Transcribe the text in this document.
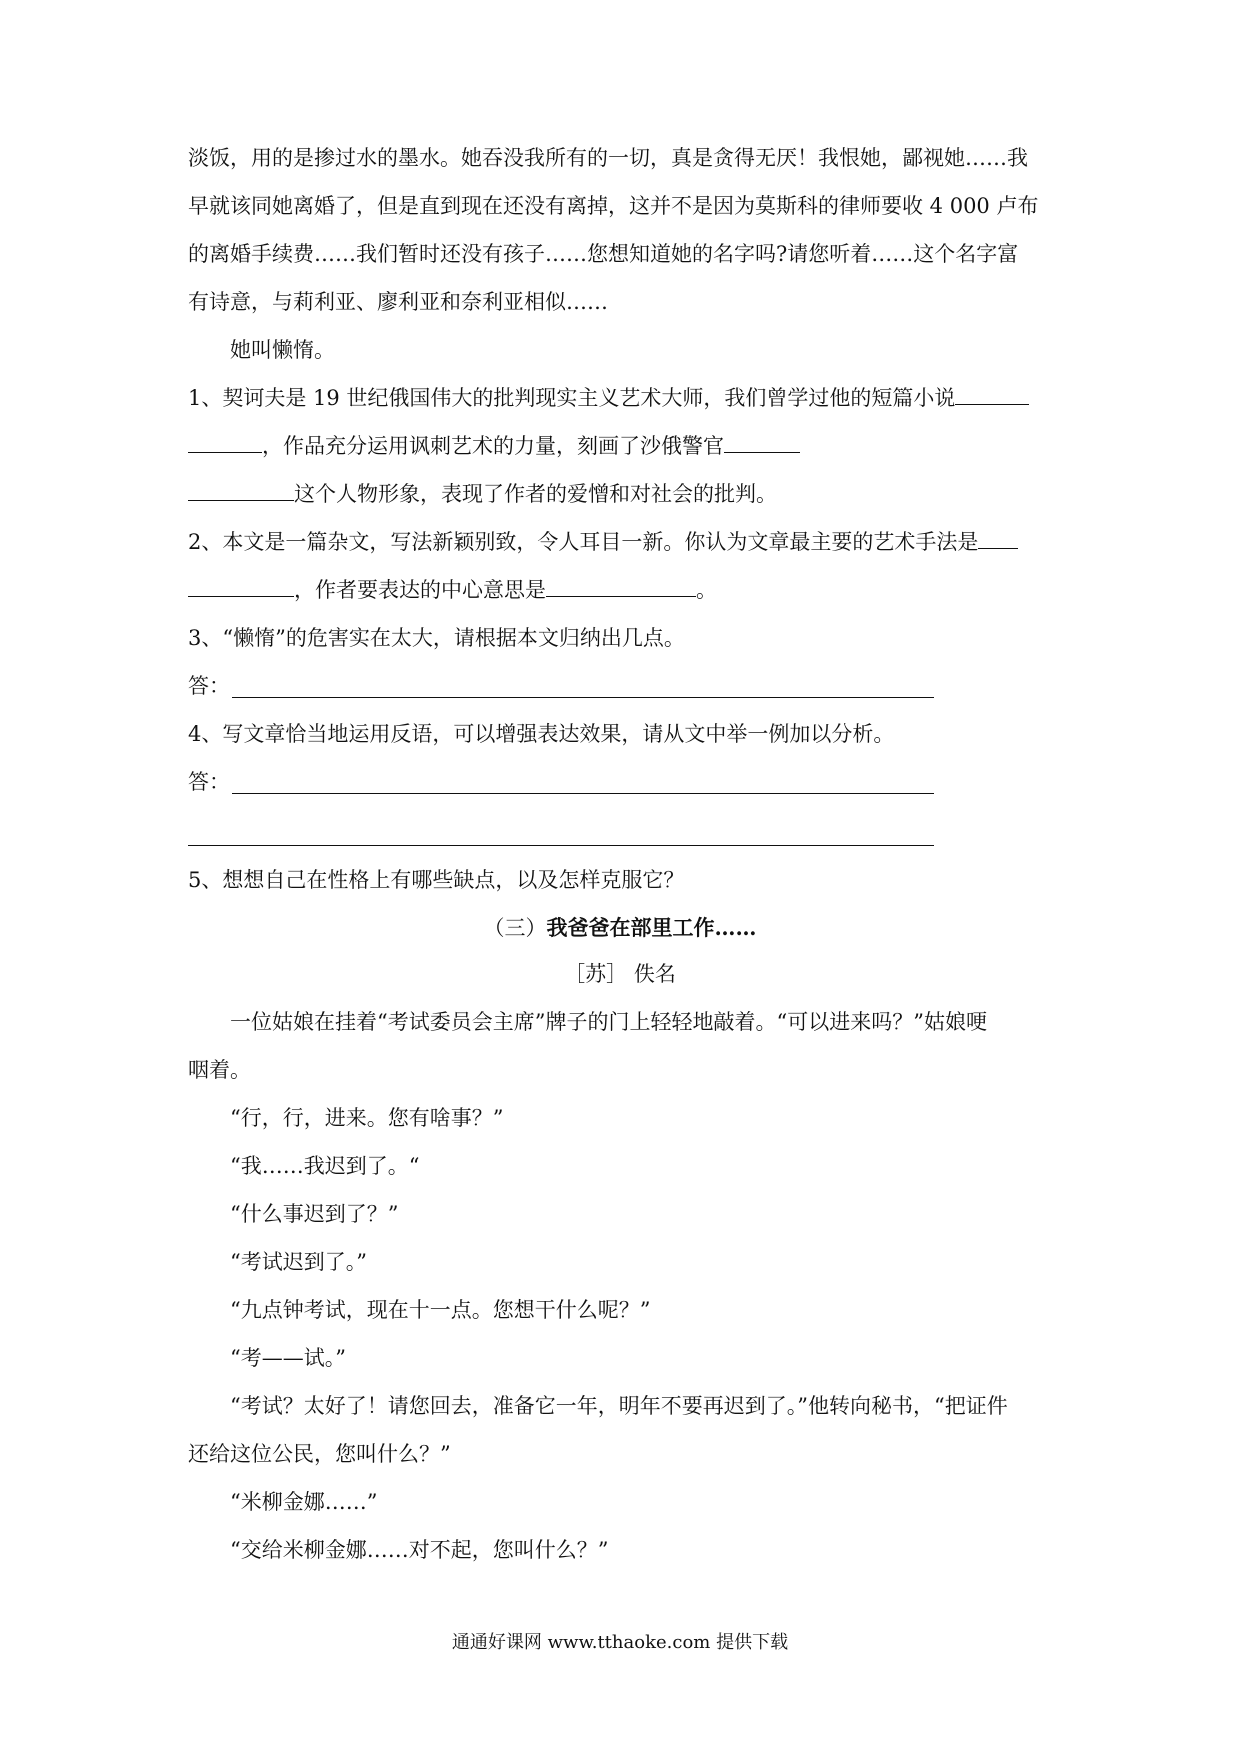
淡饭，用的是掺过水的墨水。她吞没我所有的一切，真是贪得无厌！我恨她，鄙视她……我
早就该同她离婚了，但是直到现在还没有离掉，这并不是因为莫斯科的律师要收 4 000 卢布
的离婚手续费……我们暂时还没有孩子……您想知道她的名字吗?请您听着……这个名字富
有诗意，与莉利亚、廖利亚和奈利亚相似……
她叫懒惰。
1、契诃夫是 19 世纪俄国伟大的批判现实主义艺术大师，我们曾学过他的短篇小说
，作品充分运用讽刺艺术的力量，刻画了沙俄警官
这个人物形象，表现了作者的爱憎和对社会的批判。
2、本文是一篇杂文，写法新颖别致，令人耳目一新。你认为文章最主要的艺术手法是
，作者要表达的中心意思是	。
3、“懒惰”的危害实在太大，请根据本文归纳出几点。
答：
4、写文章恰当地运用反语，可以增强表达效果，请从文中举一例加以分析。
答：
5、想想自己在性格上有哪些缺点，以及怎样克服它？
（三）我爸爸在部里工作……
［苏］ 佚名
一位姑娘在挂着“考试委员会主席”牌子的门上轻轻地敲着。“可以进来吗？”姑娘哽
咽着。
“行，行，进来。您有啥事？”
“我……我迟到了。“
“什么事迟到了？”
“考试迟到了。”
“九点钟考试，现在十一点。您想干什么呢？”
“考——试。”
“考试？太好了！请您回去，准备它一年，明年不要再迟到了。”他转向秘书，“把证件
还给这位公民，您叫什么？”
“米柳金娜……”
“交给米柳金娜……对不起，您叫什么？”
通通好课网 www.tthaoke.com 提供下载
